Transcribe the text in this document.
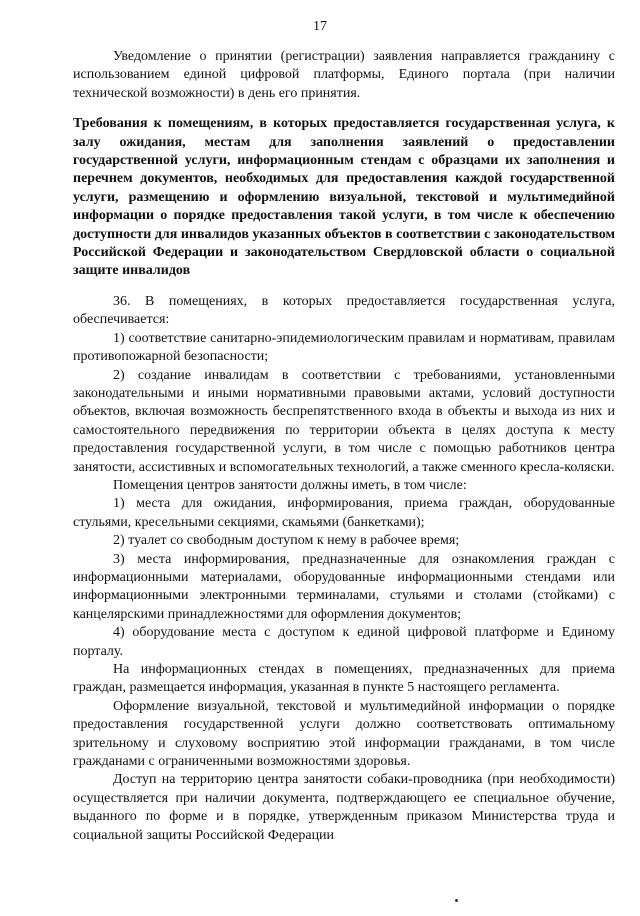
17

Уведомление о принятии (регистрации) заявления направляется гражданину с использованием единой цифровой платформы, Единого портала (при наличии технической возможности) в день его принятия.

Требования к помещениям, в которых предоставляется государственная услуга, к залу ожидания, местам для заполнения заявлений о предоставлении государственной услуги, информационным стендам с образцами их заполнения и перечнем документов, необходимых для предоставления каждой государственной услуги, размещению и оформлению визуальной, текстовой и мультимедийной информации о порядке предоставления такой услуги, в том числе к обеспечению доступности для инвалидов указанных объектов в соответствии с законодательством Российской Федерации и законодательством Свердловской области о социальной защите инвалидов

36. В помещениях, в которых предоставляется государственная услуга, обеспечивается:

1) соответствие санитарно-эпидемиологическим правилам и нормативам, правилам противопожарной безопасности;

2) создание инвалидам в соответствии с требованиями, установленными законодательными и иными нормативными правовыми актами, условий доступности объектов, включая возможность беспрепятственного входа в объекты и выхода из них и самостоятельного передвижения по территории объекта в целях доступа к месту предоставления государственной услуги, в том числе с помощью работников центра занятости, ассистивных и вспомогательных технологий, а также сменного кресла-коляски.

Помещения центров занятости должны иметь, в том числе:

1) места для ожидания, информирования, приема граждан, оборудованные стульями, кресельными секциями, скамьями (банкетками);

2) туалет со свободным доступом к нему в рабочее время;

3) места информирования, предназначенные для ознакомления граждан с информационными материалами, оборудованные информационными стендами или информационными электронными терминалами, стульями и столами (стойками) с канцелярскими принадлежностями для оформления документов;

4) оборудование места с доступом к единой цифровой платформе и Единому порталу.

На информационных стендах в помещениях, предназначенных для приема граждан, размещается информация, указанная в пункте 5 настоящего регламента.

Оформление визуальной, текстовой и мультимедийной информации о порядке предоставления государственной услуги должно соответствовать оптимальному зрительному и слуховому восприятию этой информации гражданами, в том числе гражданами с ограниченными возможностями здоровья.

Доступ на территорию центра занятости собаки-проводника (при необходимости) осуществляется при наличии документа, подтверждающего ее специальное обучение, выданного по форме и в порядке, утвержденным приказом Министерства труда и социальной защиты Российской Федерации
